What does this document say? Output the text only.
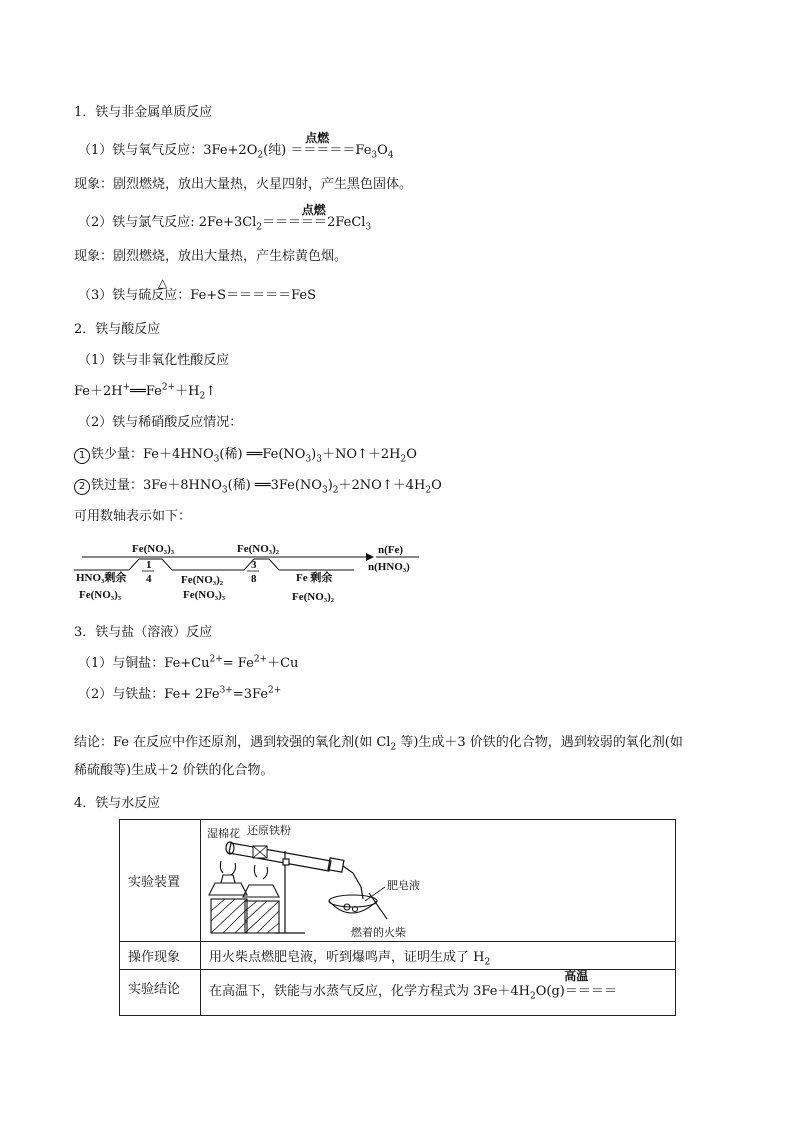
1．铁与非金属单质反应
（1）铁与氧气反应：$3Fe+2O_2$
点燃
(纯) $=====Fe_3O_4$
现象：剧烈燃烧，放出大量热，火星四射，产生黑色固体。
（2）铁与氯气反应: $2Fe+3Cl_2$
点燃
＝＝＝＝＝2FeCl$_3$
现象：剧烈燃烧，放出大量热，产生棕黄色烟。
△
（3）铁与硫反应：Fe+S＝＝＝＝＝FeS
2．铁与酸反应
（1）铁与非氧化性酸反应
$Fe+2H^+══Fe^{2+}+H_2↑$
（2）铁与稀硝酸反应情况：
1 铁少量：$Fe+4HNO_3$(稀) $══Fe(NO_3)_3+NO↑+2H_2O$
2 铁过量：$3Fe+8HNO_3$(稀) $══3Fe(NO_3)_2+2NO↑+4H_2O$
可用数轴表示如下：
Fe(NO₃)₃	Fe(NO₃)₂	n(Fe)
n(HNO₃)
1
4
3
8
HNO₃剩余
Fe(NO₃)₃
Fe(NO₃)₂
Fe(NO₃)₃
Fe 剩余
Fe(NO₃)₂
3．铁与盐（溶液）反应
（1）与铜盐：$Fe+Cu^{2+}= Fe^{2+}+Cu$
（2）与铁盐：$Fe+ 2Fe^{3+}=3Fe^{2+}$
结论：Fe 在反应中作还原剂，遇到较强的氧化剂(如 $Cl_2$ 等)生成＋3 价铁的化合物，遇到较弱的氧化剂(如
稀硫酸等)生成＋2 价铁的化合物。
4．铁与水反应
实验装置	湿棉花 还原铁粉
肥皂液
燃着的火柴

操作现象	用火柴点燃肥皂液，听到爆鸣声，证明生成了 $H_2$
实验结论	在高温下，铁能与水蒸气反应，化学方程式为 $3Fe+4H_2$
高温
O(g)＝＝＝＝
